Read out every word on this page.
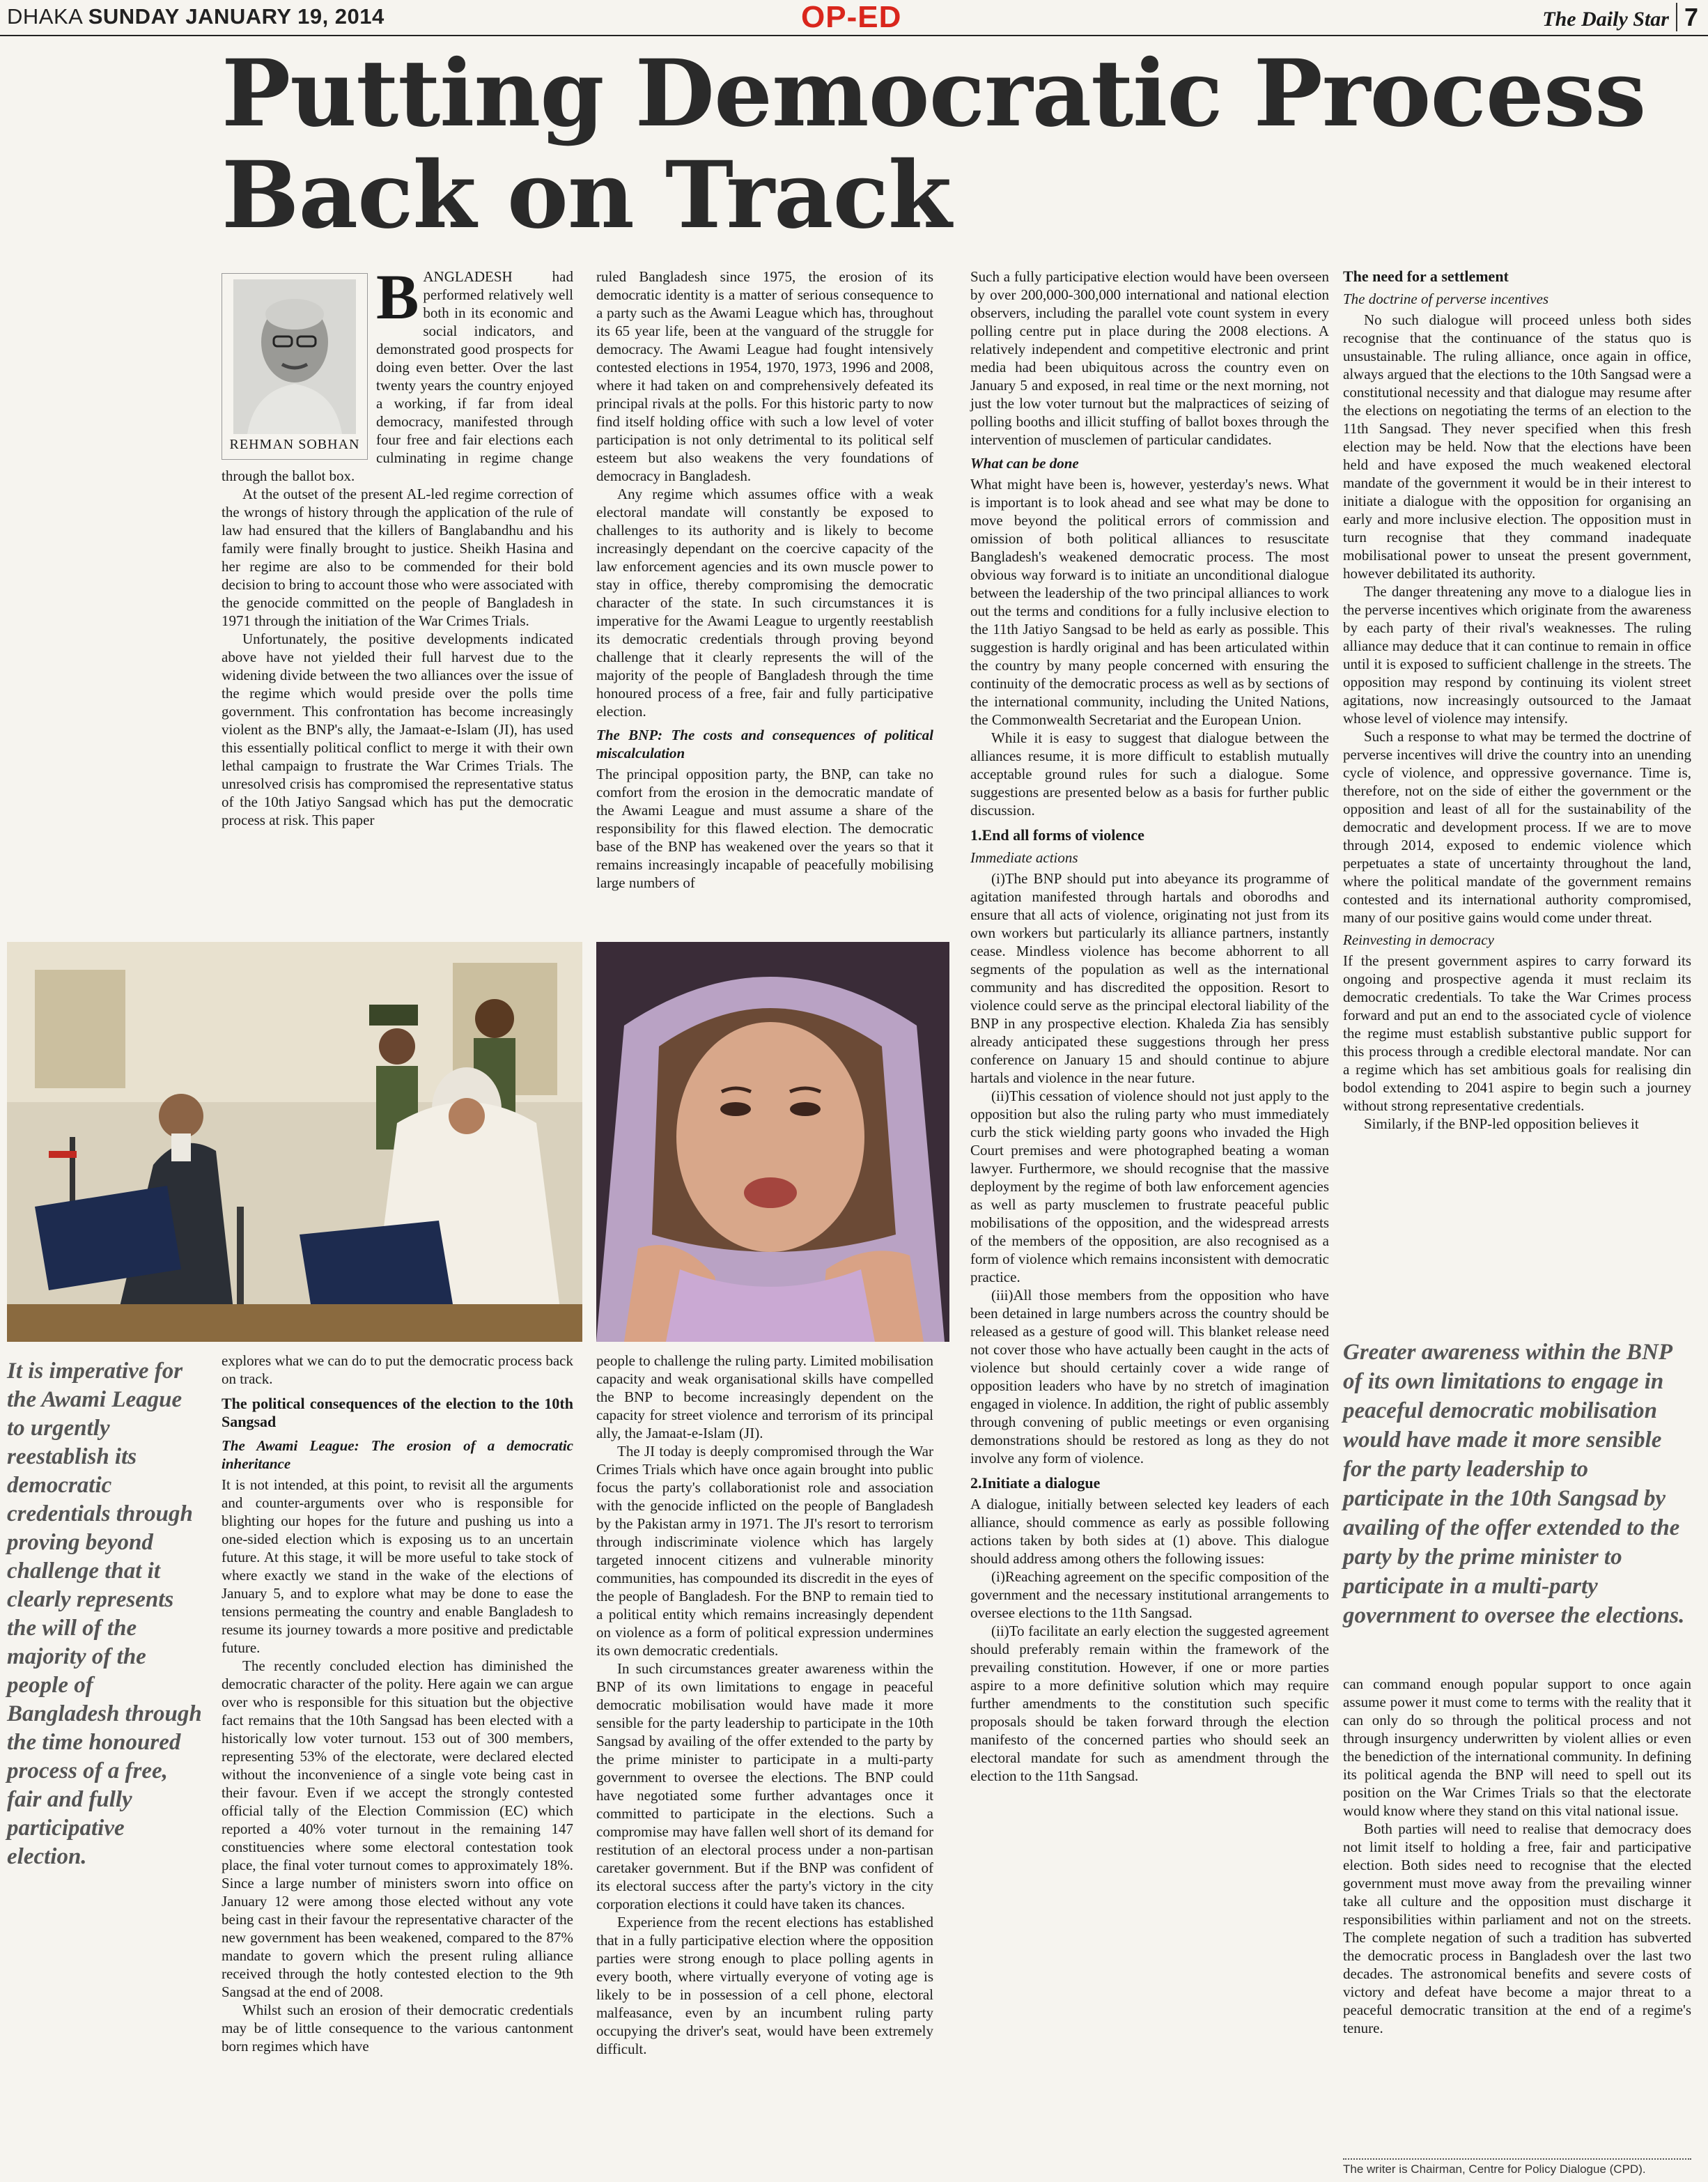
DHAKA SUNDAY JANUARY 19, 2014	OP-ED	The Daily Star 7
Putting Democratic Process
Back on Track
REHMAN SOBHAN

BANGLADESH had performed relatively well both in its economic and social indicators, and demonstrated good prospects for doing even better. Over the last twenty years the country enjoyed a working, if far from ideal democracy, manifested through four free and fair elections each culminating in regime change through the ballot box.

At the outset of the present AL-led regime correction of the wrongs of history through the application of the rule of law had ensured that the killers of Banglabandhu and his family were finally brought to justice. Sheikh Hasina and her regime are also to be commended for their bold decision to bring to account those who were associated with the genocide committed on the people of Bangladesh in 1971 through the initiation of the War Crimes Trials.

Unfortunately, the positive developments indicated above have not yielded their full harvest due to the widening divide between the two alliances over the issue of the regime which would preside over the polls time government. This confrontation has become increasingly violent as the BNP's ally, the Jamaat-e-Islam (JI), has used this essentially political conflict to merge it with their own lethal campaign to frustrate the War Crimes Trials. The unresolved crisis has compromised the representative status of the 10th Jatiyo Sangsad which has put the democratic process at risk. This paper

ruled Bangladesh since 1975, the erosion of its democratic identity is a matter of serious consequence to a party such as the Awami League which has, throughout its 65 year life, been at the vanguard of the struggle for democracy. The Awami League had fought intensively contested elections in 1954, 1970, 1973, 1996 and 2008, where it had taken on and comprehensively defeated its principal rivals at the polls. For this historic party to now find itself holding office with such a low level of voter participation is not only detrimental to its political self esteem but also weakens the very foundations of democracy in Bangladesh.

Any regime which assumes office with a weak electoral mandate will constantly be exposed to challenges to its authority and is likely to become increasingly dependant on the coercive capacity of the law enforcement agencies and its own muscle power to stay in office, thereby compromising the democratic character of the state. In such circumstances it is imperative for the Awami League to urgently reestablish its democratic credentials through proving beyond challenge that it clearly represents the will of the majority of the people of Bangladesh through the time honoured process of a free, fair and fully participative election.

The BNP: The costs and consequences of political miscalculation

The principal opposition party, the BNP, can take no comfort from the erosion in the democratic mandate of the Awami League and must assume a share of the responsibility for this flawed election. The democratic base of the BNP has weakened over the years so that it remains increasingly incapable of peacefully mobilising large numbers of

Such a fully participative election would have been overseen by over 200,000-300,000 international and national election observers, including the parallel vote count system in every polling centre put in place during the 2008 elections. A relatively independent and competitive electronic and print media had been ubiquitous across the country even on January 5 and exposed, in real time or the next morning, not just the low voter turnout but the malpractices of seizing of polling booths and illicit stuffing of ballot boxes through the intervention of musclemen of particular candidates.

What can be done

What might have been is, however, yesterday's news. What is important is to look ahead and see what may be done to move beyond the political errors of commission and omission of both political alliances to resuscitate Bangladesh's weakened democratic process. The most obvious way forward is to initiate an unconditional dialogue between the leadership of the two principal alliances to work out the terms and conditions for a fully inclusive election to the 11th Jatiyo Sangsad to be held as early as possible. This suggestion is hardly original and has been articulated within the country by many people concerned with ensuring the continuity of the democratic process as well as by sections of the international community, including the United Nations, the Commonwealth Secretariat and the European Union.

While it is easy to suggest that dialogue between the alliances resume, it is more difficult to establish mutually acceptable ground rules for such a dialogue. Some suggestions are presented below as a basis for further public discussion.

1.End all forms of violence
Immediate actions

(i)The BNP should put into abeyance its programme of agitation manifested through hartals and oborodhs and ensure that all acts of violence, originating not just from its own workers but particularly its alliance partners, instantly cease. Mindless violence has become abhorrent to all segments of the population as well as the international community and has discredited the opposition. Resort to violence could serve as the principal electoral liability of the BNP in any prospective election. Khaleda Zia has sensibly already anticipated these suggestions through her press conference on January 15 and should continue to abjure hartals and violence in the near future.

(ii)This cessation of violence should not just apply to the opposition but also the ruling party who must immediately curb the stick wielding party goons who invaded the High Court premises and were photographed beating a woman lawyer. Furthermore, we should recognise that the massive deployment by the regime of both law enforcement agencies as well as party musclemen to frustrate peaceful public mobilisations of the opposition, and the widespread arrests of the members of the opposition, are also recognised as a form of violence which remains inconsistent with democratic practice.

(iii)All those members from the opposition who have been detained in large numbers across the country should be released as a gesture of good will. This blanket release need not cover those who have actually been caught in the acts of violence but should certainly cover a wide range of opposition leaders who have by no stretch of imagination engaged in violence. In addition, the right of public assembly through convening of public meetings or even organising demonstrations should be restored as long as they do not involve any form of violence.

2.Initiate a dialogue

A dialogue, initially between selected key leaders of each alliance, should commence as early as possible following actions taken by both sides at (1) above. This dialogue should address among others the following issues:

(i)Reaching agreement on the specific composition of the government and the necessary institutional arrangements to oversee elections to the 11th Sangsad.

(ii)To facilitate an early election the suggested agreement should preferably remain within the framework of the prevailing constitution. However, if one or more parties aspire to a more definitive solution which may require further amendments to the constitution such specific proposals should be taken forward through the election manifesto of the concerned parties who should seek an electoral mandate for such as amendment through the election to the 11th Sangsad.

The need for a settlement
The doctrine of perverse incentives

No such dialogue will proceed unless both sides recognise that the continuance of the status quo is unsustainable. The ruling alliance, once again in office, always argued that the elections to the 10th Sangsad were a constitutional necessity and that dialogue may resume after the elections on negotiating the terms of an election to the 11th Sangsad. They never specified when this fresh election may be held. Now that the elections have been held and have exposed the much weakened electoral mandate of the government it would be in their interest to initiate a dialogue with the opposition for organising an early and more inclusive election. The opposition must in turn recognise that they command inadequate mobilisational power to unseat the present government, however debilitated its authority.

The danger threatening any move to a dialogue lies in the perverse incentives which originate from the awareness by each party of their rival's weaknesses. The ruling alliance may deduce that it can continue to remain in office until it is exposed to sufficient challenge in the streets. The opposition may respond by continuing its violent street agitations, now increasingly outsourced to the Jamaat whose level of violence may intensify.

Such a response to what may be termed the doctrine of perverse incentives will drive the country into an unending cycle of violence, and oppressive governance. Time is, therefore, not on the side of either the government or the opposition and least of all for the sustainability of the democratic and development process. If we are to move through 2014, exposed to endemic violence which perpetuates a state of uncertainty throughout the land, where the political mandate of the government remains contested and its international authority compromised, many of our positive gains would come under threat.

Reinvesting in democracy

If the present government aspires to carry forward its ongoing and prospective agenda it must reclaim its democratic credentials. To take the War Crimes process forward and put an end to the associated cycle of violence the regime must establish substantive public support for this process through a credible electoral mandate. Nor can a regime which has set ambitious goals for realising din bodol extending to 2041 aspire to begin such a journey without strong representative credentials.

Similarly, if the BNP-led opposition believes it

It is imperative for the Awami League to urgently reestablish its democratic credentials through proving beyond challenge that it clearly represents the will of the majority of the people of Bangladesh through the time honoured process of a free, fair and fully participative election.

explores what we can do to put the democratic process back on track.

The political consequences of the election to the 10th Sangsad
The Awami League: The erosion of a democratic inheritance

It is not intended, at this point, to revisit all the arguments and counter-arguments over who is responsible for blighting our hopes for the future and pushing us into a one-sided election which is exposing us to an uncertain future. At this stage, it will be more useful to take stock of where exactly we stand in the wake of the elections of January 5, and to explore what may be done to ease the tensions permeating the country and enable Bangladesh to resume its journey towards a more positive and predictable future.

The recently concluded election has diminished the democratic character of the polity. Here again we can argue over who is responsible for this situation but the objective fact remains that the 10th Sangsad has been elected with a historically low voter turnout. 153 out of 300 members, representing 53% of the electorate, were declared elected without the inconvenience of a single vote being cast in their favour. Even if we accept the strongly contested official tally of the Election Commission (EC) which reported a 40% voter turnout in the remaining 147 constituencies where some electoral contestation took place, the final voter turnout comes to approximately 18%. Since a large number of ministers sworn into office on January 12 were among those elected without any vote being cast in their favour the representative character of the new government has been weakened, compared to the 87% mandate to govern which the present ruling alliance received through the hotly contested election to the 9th Sangsad at the end of 2008.

Whilst such an erosion of their democratic credentials may be of little consequence to the various cantonment born regimes which have

people to challenge the ruling party. Limited mobilisation capacity and weak organisational skills have compelled the BNP to become increasingly dependent on the capacity for street violence and terrorism of its principal ally, the Jamaat-e-Islam (JI).

The JI today is deeply compromised through the War Crimes Trials which have once again brought into public focus the party's collaborationist role and association with the genocide inflicted on the people of Bangladesh by the Pakistan army in 1971. The JI's resort to terrorism through indiscriminate violence which has largely targeted innocent citizens and vulnerable minority communities, has compounded its discredit in the eyes of the people of Bangladesh. For the BNP to remain tied to a political entity which remains increasingly dependent on violence as a form of political expression undermines its own democratic credentials.

In such circumstances greater awareness within the BNP of its own limitations to engage in peaceful democratic mobilisation would have made it more sensible for the party leadership to participate in the 10th Sangsad by availing of the offer extended to the party by the prime minister to participate in a multi-party government to oversee the elections. The BNP could have negotiated some further advantages once it committed to participate in the elections. Such a compromise may have fallen well short of its demand for restitution of an electoral process under a non-partisan caretaker government. But if the BNP was confident of its electoral success after the party's victory in the city corporation elections it could have taken its chances.

Experience from the recent elections has established that in a fully participative election where the opposition parties were strong enough to place polling agents in every booth, where virtually everyone of voting age is likely to be in possession of a cell phone, electoral malfeasance, even by an incumbent ruling party occupying the driver's seat, would have been extremely difficult.

Greater awareness within the BNP of its own limitations to engage in peaceful democratic mobilisation would have made it more sensible for the party leadership to participate in the 10th Sangsad by availing of the offer extended to the party by the prime minister to participate in a multi-party government to oversee the elections.

can command enough popular support to once again assume power it must come to terms with the reality that it can only do so through the political process and not through insurgency underwritten by violent allies or even the benediction of the international community. In defining its political agenda the BNP will need to spell out its position on the War Crimes Trials so that the electorate would know where they stand on this vital national issue.

Both parties will need to realise that democracy does not limit itself to holding a free, fair and participative election. Both sides need to recognise that the elected government must move away from the prevailing winner take all culture and the opposition must discharge it responsibilities within parliament and not on the streets. The complete negation of such a tradition has subverted the democratic process in Bangladesh over the last two decades. The astronomical benefits and severe costs of victory and defeat have become a major threat to a peaceful democratic transition at the end of a regime's tenure.

The writer is Chairman, Centre for Policy Dialogue (CPD).
